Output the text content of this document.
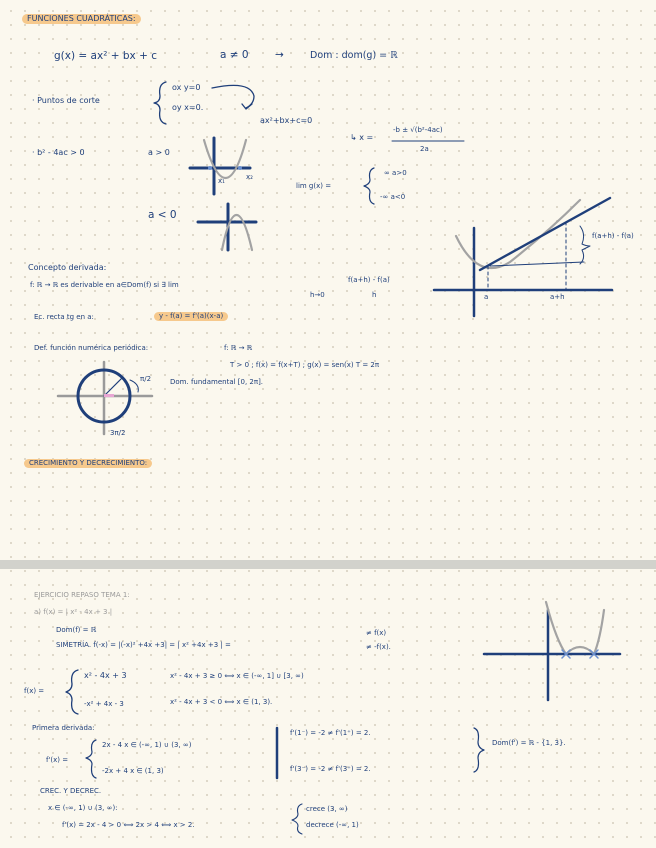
FUNCIONES CUADRÁTICAS:
g(x) = ax² + bx + c	a ≠ 0	→	Dom : dom(g) = ℝ
· Puntos de corte
ox y=0
oy x=0.
ax²+bx+c=0
↳ x =
-b ± √(b²-4ac)
2a
· b² - 4ac > 0	a > 0
a < 0
x₁	x₂
lim g(x) =
∞ a>0
-∞ a<0
Concepto derivada:
f: ℝ → ℝ es derivable en a∈Dom(f) si ∃ lim
h→0
f(a+h) - f(a)
h
Ec. recta tg en a:	y - f(a) = f'(a)(x-a)
f(a+h) - f(a)
a	a+h
Def. función numérica periódica:	f: ℝ → ℝ
T > 0 ; f(x) = f(x+T) ; g(x) = sen(x) T = 2π
Dom. fundamental [0, 2π].
π/2
3π/2
CRECIMIENTO Y DECRECIMIENTO:
EJERCICIO REPASO TEMA 1:
a) f(x) = | x² - 4x + 3 |
Dom(f) = ℝ
SIMETRÍA. f(-x) = |(-x)² +4x +3| = | x² +4x +3 | =
≠ f(x)
≠ -f(x).
f(x) =
x² - 4x + 3	x² - 4x + 3 ≥ 0 ⟺ x ∈ (-∞, 1] ∪ [3, ∞)
-x² + 4x - 3	x² - 4x + 3 < 0 ⟺ x ∈ (1, 3).
Primera derivada:
f'(x) =
2x - 4 x ∈ (-∞, 1) ∪ (3, ∞)
-2x + 4 x ∈ (1, 3)
f'(1⁻) = -2 ≠ f'(1⁺) = 2.
f'(3⁻) = -2 ≠ f'(3⁺) = 2.
Dom(f') = ℝ - {1, 3}.
CREC. Y DECREC.
x ∈ (-∞, 1) ∪ (3, ∞):
f'(x) = 2x - 4 > 0 ⟺ 2x > 4 ⟺ x > 2.
crece (3, ∞)
decrece (-∞, 1)
